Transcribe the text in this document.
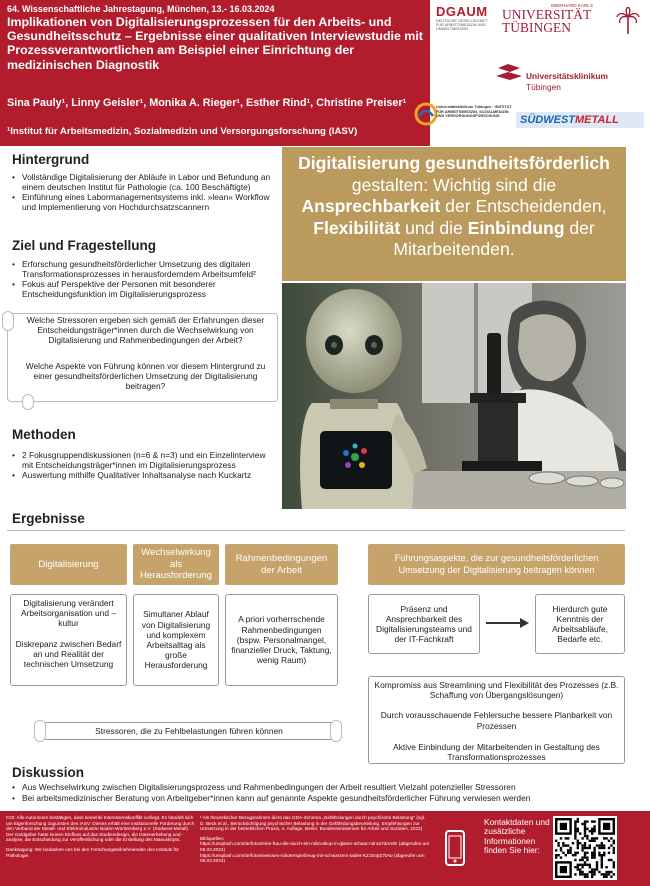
64. Wissenschaftliche Jahrestagung, München, 13.- 16.03.2024
Implikationen von Digitalisierungsprozessen für den Arbeits- und Gesundheitsschutz – Ergebnisse einer qualitativen Interviewstudie mit Prozessverantwortlichen am Beispiel einer Einrichtung der medizinischen Diagnostik
Sina Pauly¹, Linny Geisler¹, Monika A. Rieger¹, Esther Rind¹, Christine Preiser¹
¹Institut für Arbeitsmedizin, Sozialmedizin und Versorgungsforschung (IASV)
DGAUM
DEUTSCHE GESELLSCHAFT FÜR ARBEITSMEDIZIN UND UMWELTMEDIZIN
EBERHARD KARLS
UNIVERSITÄT
TÜBINGEN
Universitätsklinikum
Tübingen
Universitätsklinikum Tübingen · INSTITUT FÜR ARBEITSMEDIZIN, SOZIALMEDIZIN UND VERSORGUNGSFORSCHUNG	SÜDWESTMETALL
Hintergrund
• Vollständige Digitalisierung der Abläufe in Labor und Befundung an einem deutschen Institut für Pathologie (ca. 100 Beschäftigte)
• Einführung eines Labormanagementsystems inkl. »lean« Workflow und Implementierung von Hochdurchsatzscannern
Ziel und Fragestellung
• Erforschung gesundheitsförderlicher Umsetzung des digitalen Transformationsprozesses in herausforderndem Arbeitsumfeld²
• Fokus auf Perspektive der Personen mit besonderer Entscheidungsfunktion im Digitalisierungsprozess
Welche Stressoren ergeben sich gemäß der Erfahrungen dieser Entscheidungsträger*innen durch die Wechselwirkung von Digitalisierung und Rahmenbedingungen der Arbeit?
Welche Aspekte von Führung können vor diesem Hintergrund zu einer gesundheitsförderlichen Umsetzung der Digitalisierung beitragen?
Methoden
• 2 Fokusgruppendiskussionen (n=6 & n=3) und ein Einzelinterview mit Entscheidungsträger*innen im Digitalisierungsprozess
• Auswertung mithilfe Qualitativer Inhaltsanalyse nach Kuckartz
Digitalisierung gesundheitsförderlich gestalten: Wichtig sind die Ansprechbarkeit der Entscheidenden, Flexibilität und die Einbindung der Mitarbeitenden.
Ergebnisse
Digitalisierung
Wechselwirkung als Herausforderung
Rahmenbedingungen der Arbeit
Führungsaspekte, die zur gesundheitsförderlichen Umsetzung der Digitalisierung beitragen können
Digitalisierung verändert Arbeitsorganisation und –kultur
Diskrepanz zwischen Bedarf an und Realität der technischen Umsetzung
Simultaner Ablauf von Digitalisierung und komplexem Arbeitsalltag als große Herausforderung
A priori vorherrschende Rahmenbedingungen (bspw. Personalmangel, finanzieller Druck, Taktung, wenig Raum)
Präsenz und Ansprechbarkeit des Digitalisierungsteams und der IT-Fachkraft
Hierdurch gute Kenntnis der Arbeitsabläufe, Bedarfe etc.
Kompromiss aus Streamlining und Flexibilität des Prozesses (z.B. Schaffung von Übergangslösungen)
Durch vorausschauende Fehlersuche bessere Planbarkeit von Prozessen
Aktive Einbindung der Mitarbeitenden in Gestaltung des Transformationsprozesses
Stressoren, die zu Fehlbelastungen führen können
Diskussion
• Aus Wechselwirkung zwischen Digitalisierungsprozess und Rahmenbedingungen der Arbeit resultiert Vielzahl potenzieller Stressoren
• Bei arbeitsmedizinischer Beratung von Arbeitgeber*innen kann auf genannte Aspekte gesundheitsförderlicher Führung verwiesen werden
COI: Alle Autorinnen bestätigen, dass keinerlei Interessenskonflikt vorliegt. Es handelt sich um Eigenforschung zugunsten des IASV. Dieses erhält eine institutionelle Förderung durch den Verband der Metall- und Elektroindustrie Baden-Württemberg e.V. (Südwest-Metall). Der Geldgeber hatte keinen Einfluss auf das Studiendesign, die Datenerhebung und -analyse, die Entscheidung zur Veröffentlichung oder die Erstellung des Manuskripts.
Danksagung: Wir bedanken uns bei den Forschungsteilnehmenden des Instituts für Pathologie.
¹ Als theoretischer Bezugsrahmen dient das GDA-Schema „Gefährdungen durch psychische Belastung" (vgl. D. Beck et al., Berücksichtigung psychischer Belastung in der Gefährdungsbeurteilung. Empfehlungen zur Umsetzung in der betrieblichen Praxis, 4. Auflage, Berlin: Bundesministerium für Arbeit und Soziales, 2022)
Bildquellen:
https://unsplash.com/de/fotos/eine-frau-die-durch-ein-mikroskop-in-glaser-schaut-ndr4a7dAmlE (abgerufen am 05.03.2024)
https://unsplash.com/de/fotos/weisses-roboterspielzeug-mit-schwarzem-tablet-KZ1EnjtZ7tAw (abgerufen am 05.03.2024)
Kontaktdaten und zusätzliche Informationen finden Sie hier:
